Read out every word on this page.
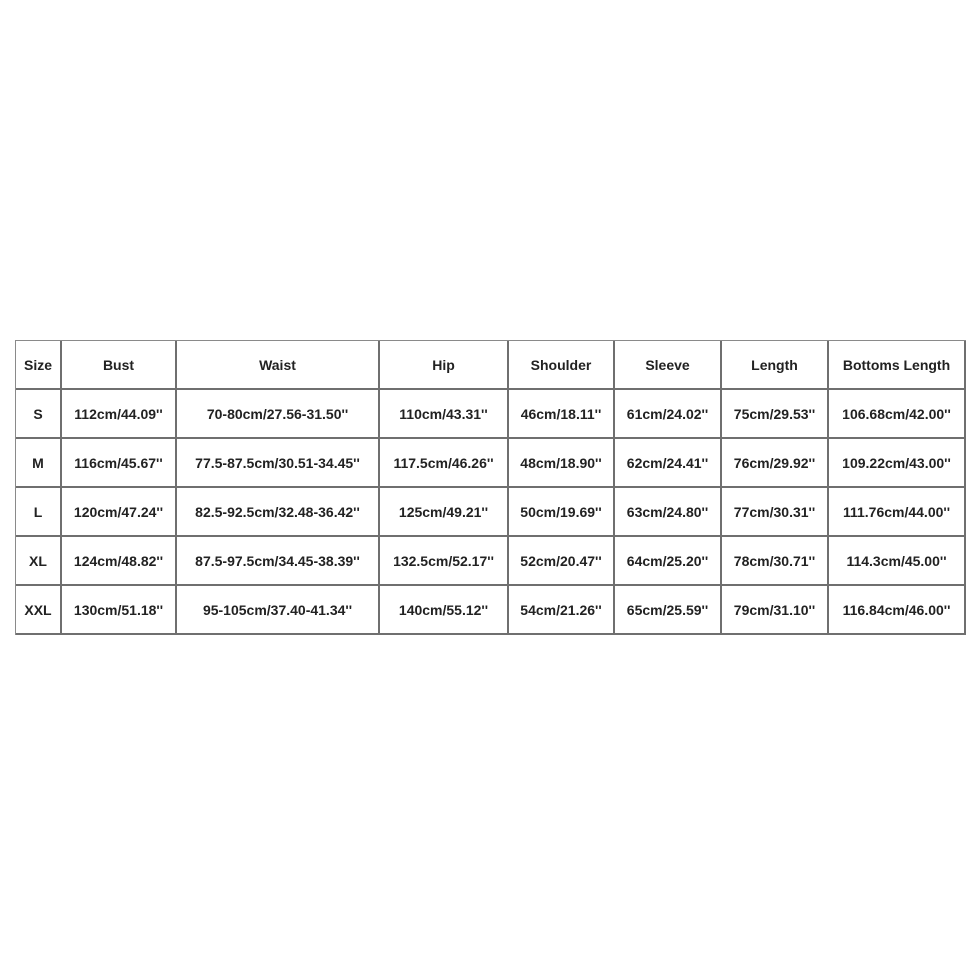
Size	Bust	Waist	Hip	Shoulder	Sleeve	Length	Bottoms Length
S	112cm/44.09''	70-80cm/27.56-31.50''	110cm/43.31''	46cm/18.11''	61cm/24.02''	75cm/29.53''	106.68cm/42.00''
M	116cm/45.67''	77.5-87.5cm/30.51-34.45''	117.5cm/46.26''	48cm/18.90''	62cm/24.41''	76cm/29.92''	109.22cm/43.00''
L	120cm/47.24''	82.5-92.5cm/32.48-36.42''	125cm/49.21''	50cm/19.69''	63cm/24.80''	77cm/30.31''	111.76cm/44.00''
XL	124cm/48.82''	87.5-97.5cm/34.45-38.39''	132.5cm/52.17''	52cm/20.47''	64cm/25.20''	78cm/30.71''	114.3cm/45.00''
XXL	130cm/51.18''	95-105cm/37.40-41.34''	140cm/55.12''	54cm/21.26''	65cm/25.59''	79cm/31.10''	116.84cm/46.00''
